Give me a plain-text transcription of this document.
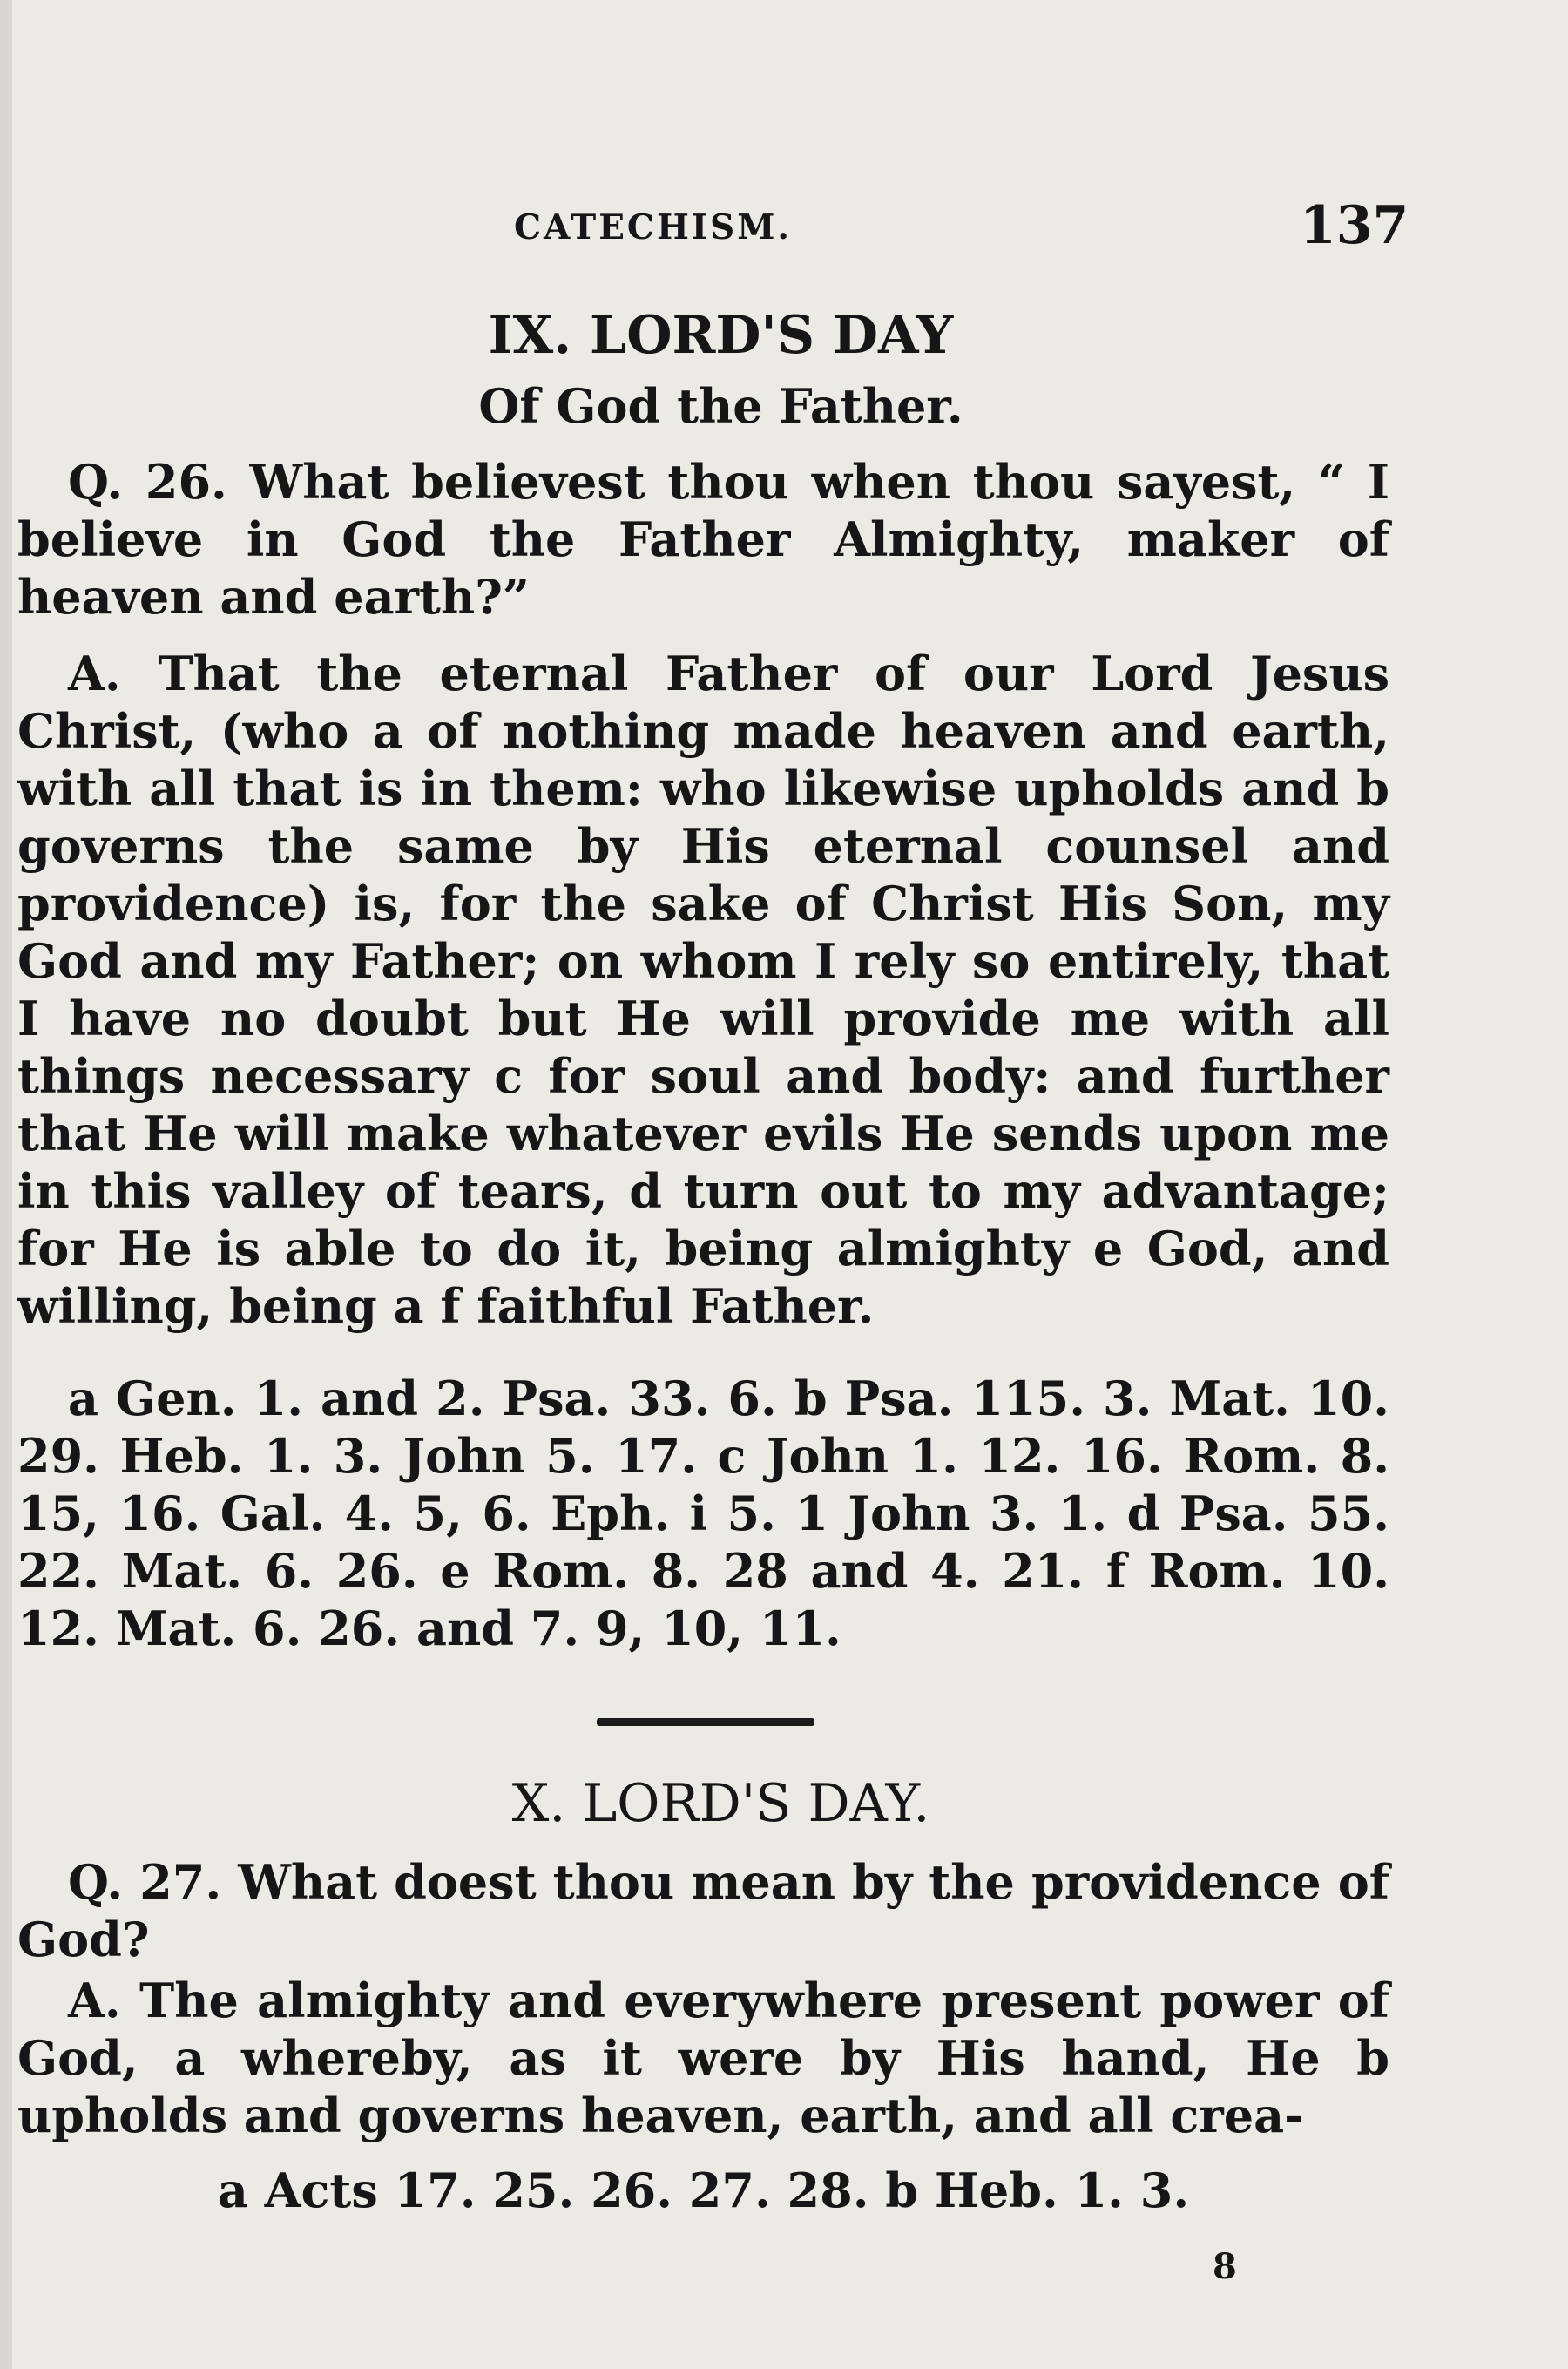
CATECHISM.	137
IX. LORD'S DAY
Of God the Father.
Q. 26. What believest thou when thou sayest, “ I believe in God the Father Almighty, maker of heaven and earth?”
A. That the eternal Father of our Lord Jesus Christ, (who a of nothing made heaven and earth, with all that is in them: who likewise upholds and b governs the same by His eternal counsel and providence) is, for the sake of Christ His Son, my God and my Father; on whom I rely so entirely, that I have no doubt but He will provide me with all things necessary c for soul and body: and further that He will make whatever evils He sends upon me in this valley of tears, d turn out to my advantage; for He is able to do it, being almighty e God, and willing, being a f faithful Father.
a Gen. 1. and 2. Psa. 33. 6. b Psa. 115. 3. Mat. 10. 29. Heb. 1. 3. John 5. 17. c John 1. 12. 16. Rom. 8. 15, 16. Gal. 4. 5, 6. Eph. i 5. 1 John 3. 1. d Psa. 55. 22. Mat. 6. 26. e Rom. 8. 28 and 4. 21. f Rom. 10. 12. Mat. 6. 26. and 7. 9, 10, 11.
X. LORD'S DAY.
Q. 27. What doest thou mean by the providence of God?
A. The almighty and everywhere present power of God, a whereby, as it were by His hand, He b upholds and governs heaven, earth, and all crea-
a Acts 17. 25. 26. 27. 28. b Heb. 1. 3.
8
